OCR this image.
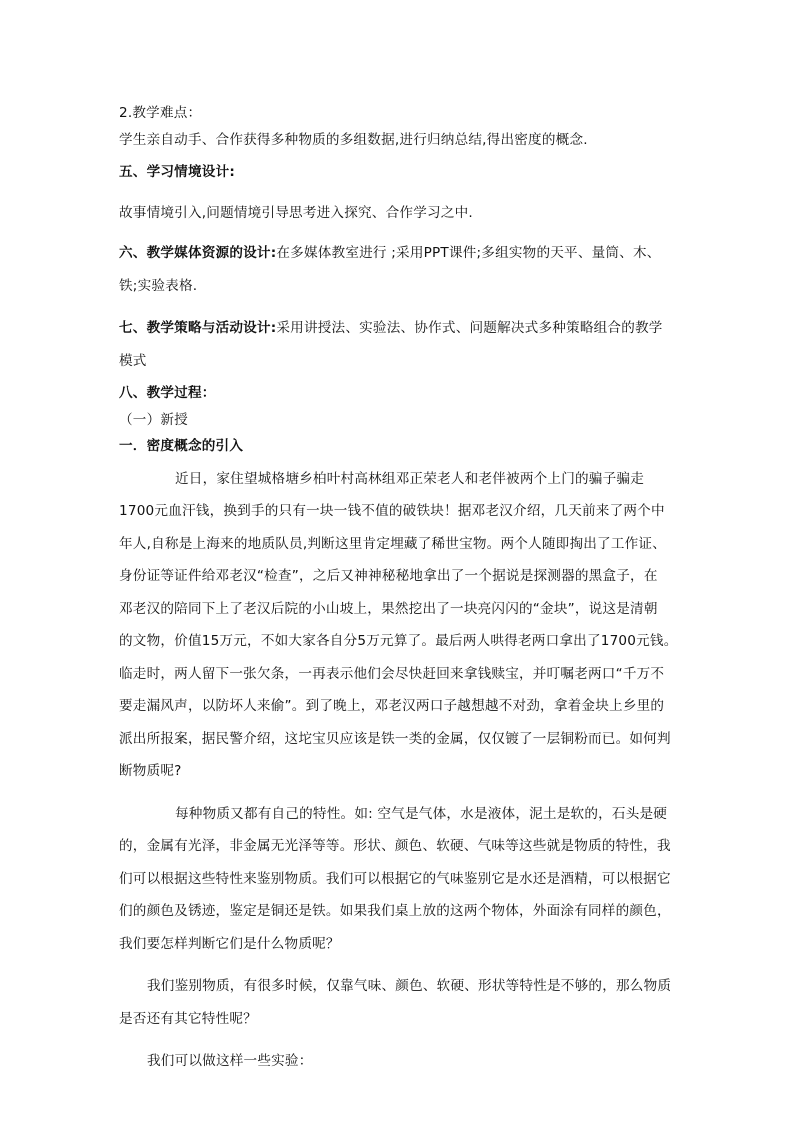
2.教学难点：
学生亲自动手、合作获得多种物质的多组数据,进行归纳总结,得出密度的概念.
五、学习情境设计:
故事情境引入,问题情境引导思考进入探究、合作学习之中.
六、教学媒体资源的设计:在多媒体教室进行 ;采用PPT课件;多组实物的天平、量筒、木、
铁;实验表格.
七、教学策略与活动设计:采用讲授法、实验法、协作式、问题解决式多种策略组合的教学
模式
八、教学过程：
（一）新授
一．密度概念的引入
近日，家住望城格塘乡柏叶村高林组邓正荣老人和老伴被两个上门的骗子骗走
1700元血汗钱，换到手的只有一块一钱不值的破铁块！据邓老汉介绍，几天前来了两个中
年人,自称是上海来的地质队员,判断这里肯定埋藏了稀世宝物。两个人随即掏出了工作证、
身份证等证件给邓老汉“检查”，之后又神神秘秘地拿出了一个据说是探测器的黑盒子，在
邓老汉的陪同下上了老汉后院的小山坡上，果然挖出了一块亮闪闪的“金块”，说这是清朝
的文物，价值15万元，不如大家各自分5万元算了。最后两人哄得老两口拿出了1700元钱。
临走时，两人留下一张欠条，一再表示他们会尽快赶回来拿钱赎宝，并叮嘱老两口“千万不
要走漏风声，以防坏人来偷”。到了晚上，邓老汉两口子越想越不对劲，拿着金块上乡里的
派出所报案，据民警介绍，这坨宝贝应该是铁一类的金属，仅仅镀了一层铜粉而已。如何判
断物质呢?
每种物质又都有自己的特性。如: 空气是气体，水是液体，泥土是软的，石头是硬
的，金属有光泽，非金属无光泽等等。形状、颜色、软硬、气味等这些就是物质的特性，我
们可以根据这些特性来鉴别物质。我们可以根据它的气味鉴别它是水还是酒精，可以根据它
们的颜色及锈迹，鉴定是铜还是铁。如果我们桌上放的这两个物体，外面涂有同样的颜色，
我们要怎样判断它们是什么物质呢？
我们鉴别物质，有很多时候，仅靠气味、颜色、软硬、形状等特性是不够的，那么物质
是否还有其它特性呢？
我们可以做这样一些实验：
